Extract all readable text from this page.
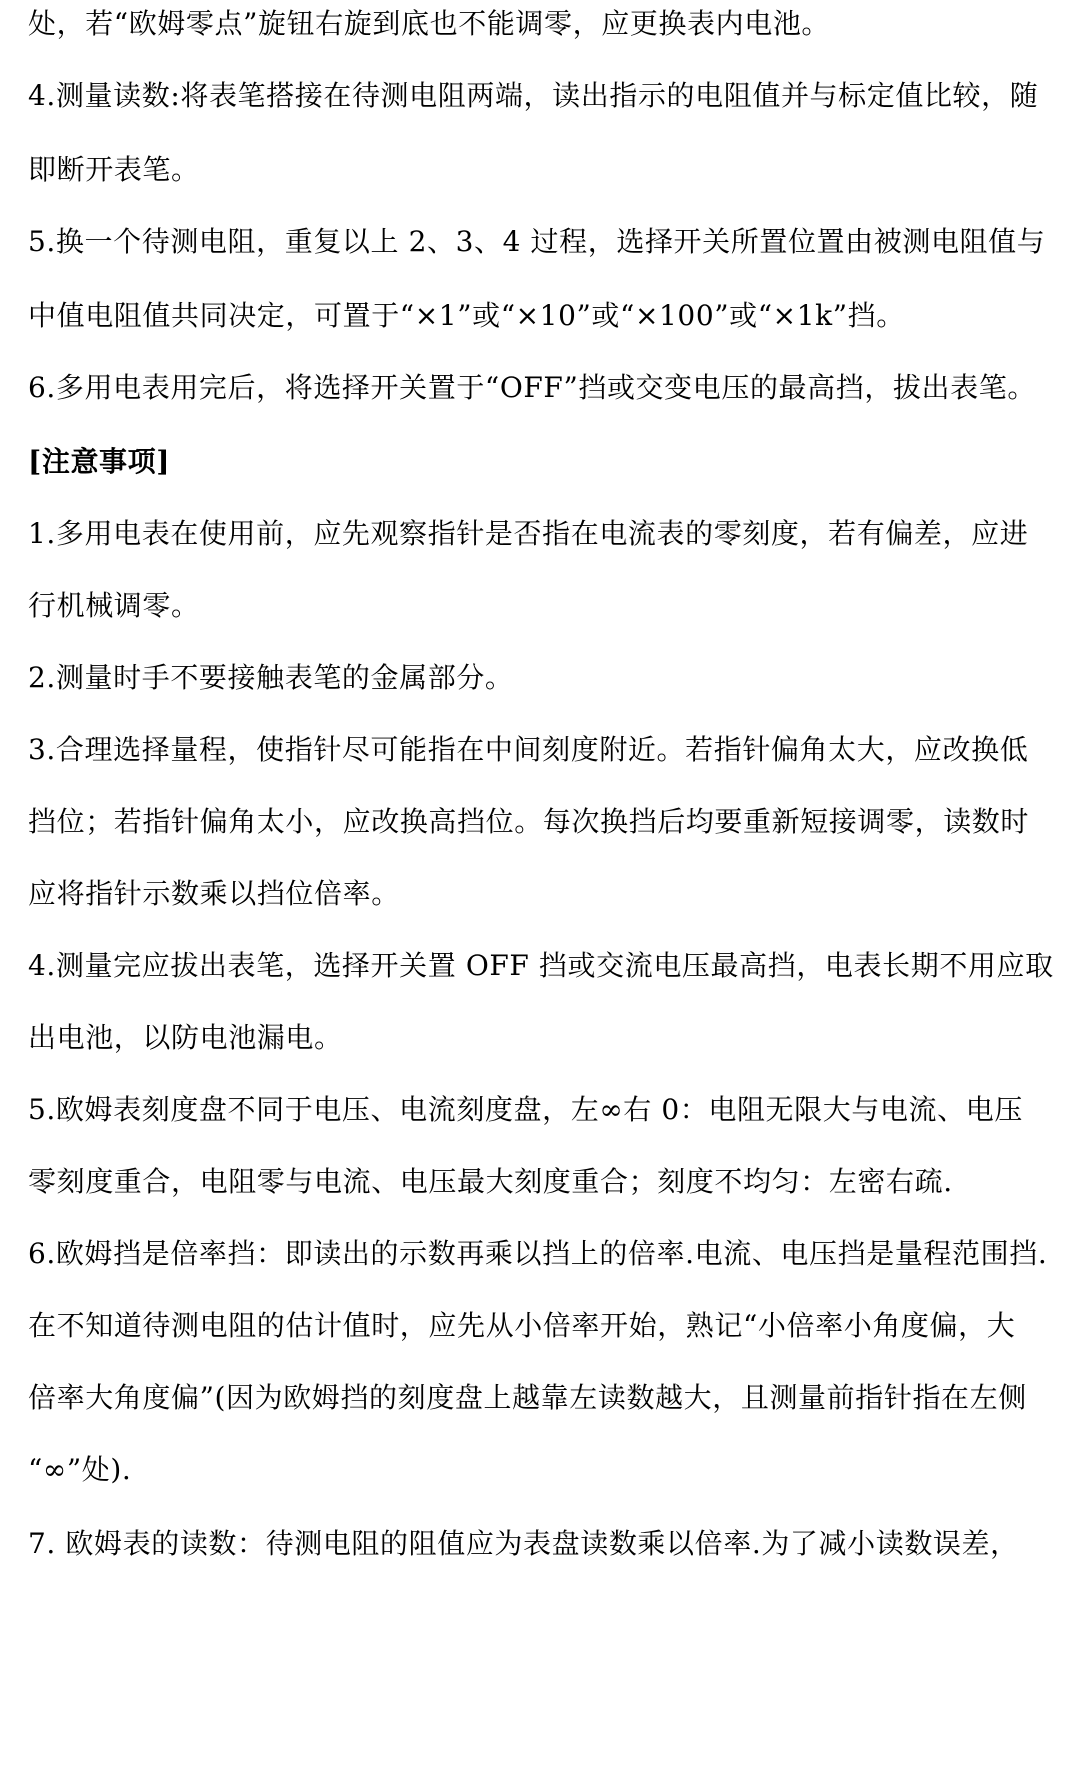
处，若“欧姆零点”旋钮右旋到底也不能调零，应更换表内电池。
4.测量读数:将表笔搭接在待测电阻两端，读出指示的电阻值并与标定值比较，随
即断开表笔。
5.换一个待测电阻，重复以上 2、3、4 过程，选择开关所置位置由被测电阻值与
中值电阻值共同决定，可置于“×1”或“×10”或“×100”或“×1k”挡。
6.多用电表用完后，将选择开关置于“OFF”挡或交变电压的最高挡，拔出表笔。
[注意事项]
1.多用电表在使用前，应先观察指针是否指在电流表的零刻度，若有偏差，应进
行机械调零。
2.测量时手不要接触表笔的金属部分。
3.合理选择量程，使指针尽可能指在中间刻度附近。若指针偏角太大，应改换低
挡位；若指针偏角太小，应改换高挡位。每次换挡后均要重新短接调零，读数时
应将指针示数乘以挡位倍率。
4.测量完应拔出表笔，选择开关置 OFF 挡或交流电压最高挡，电表长期不用应取
出电池，以防电池漏电。
5.欧姆表刻度盘不同于电压、电流刻度盘，左∞右 0：电阻无限大与电流、电压
零刻度重合，电阻零与电流、电压最大刻度重合；刻度不均匀：左密右疏.
6.欧姆挡是倍率挡：即读出的示数再乘以挡上的倍率.电流、电压挡是量程范围挡.
在不知道待测电阻的估计值时，应先从小倍率开始，熟记“小倍率小角度偏，大
倍率大角度偏”(因为欧姆挡的刻度盘上越靠左读数越大，且测量前指针指在左侧
“∞”处).
7. 欧姆表的读数：待测电阻的阻值应为表盘读数乘以倍率.为了减小读数误差，
